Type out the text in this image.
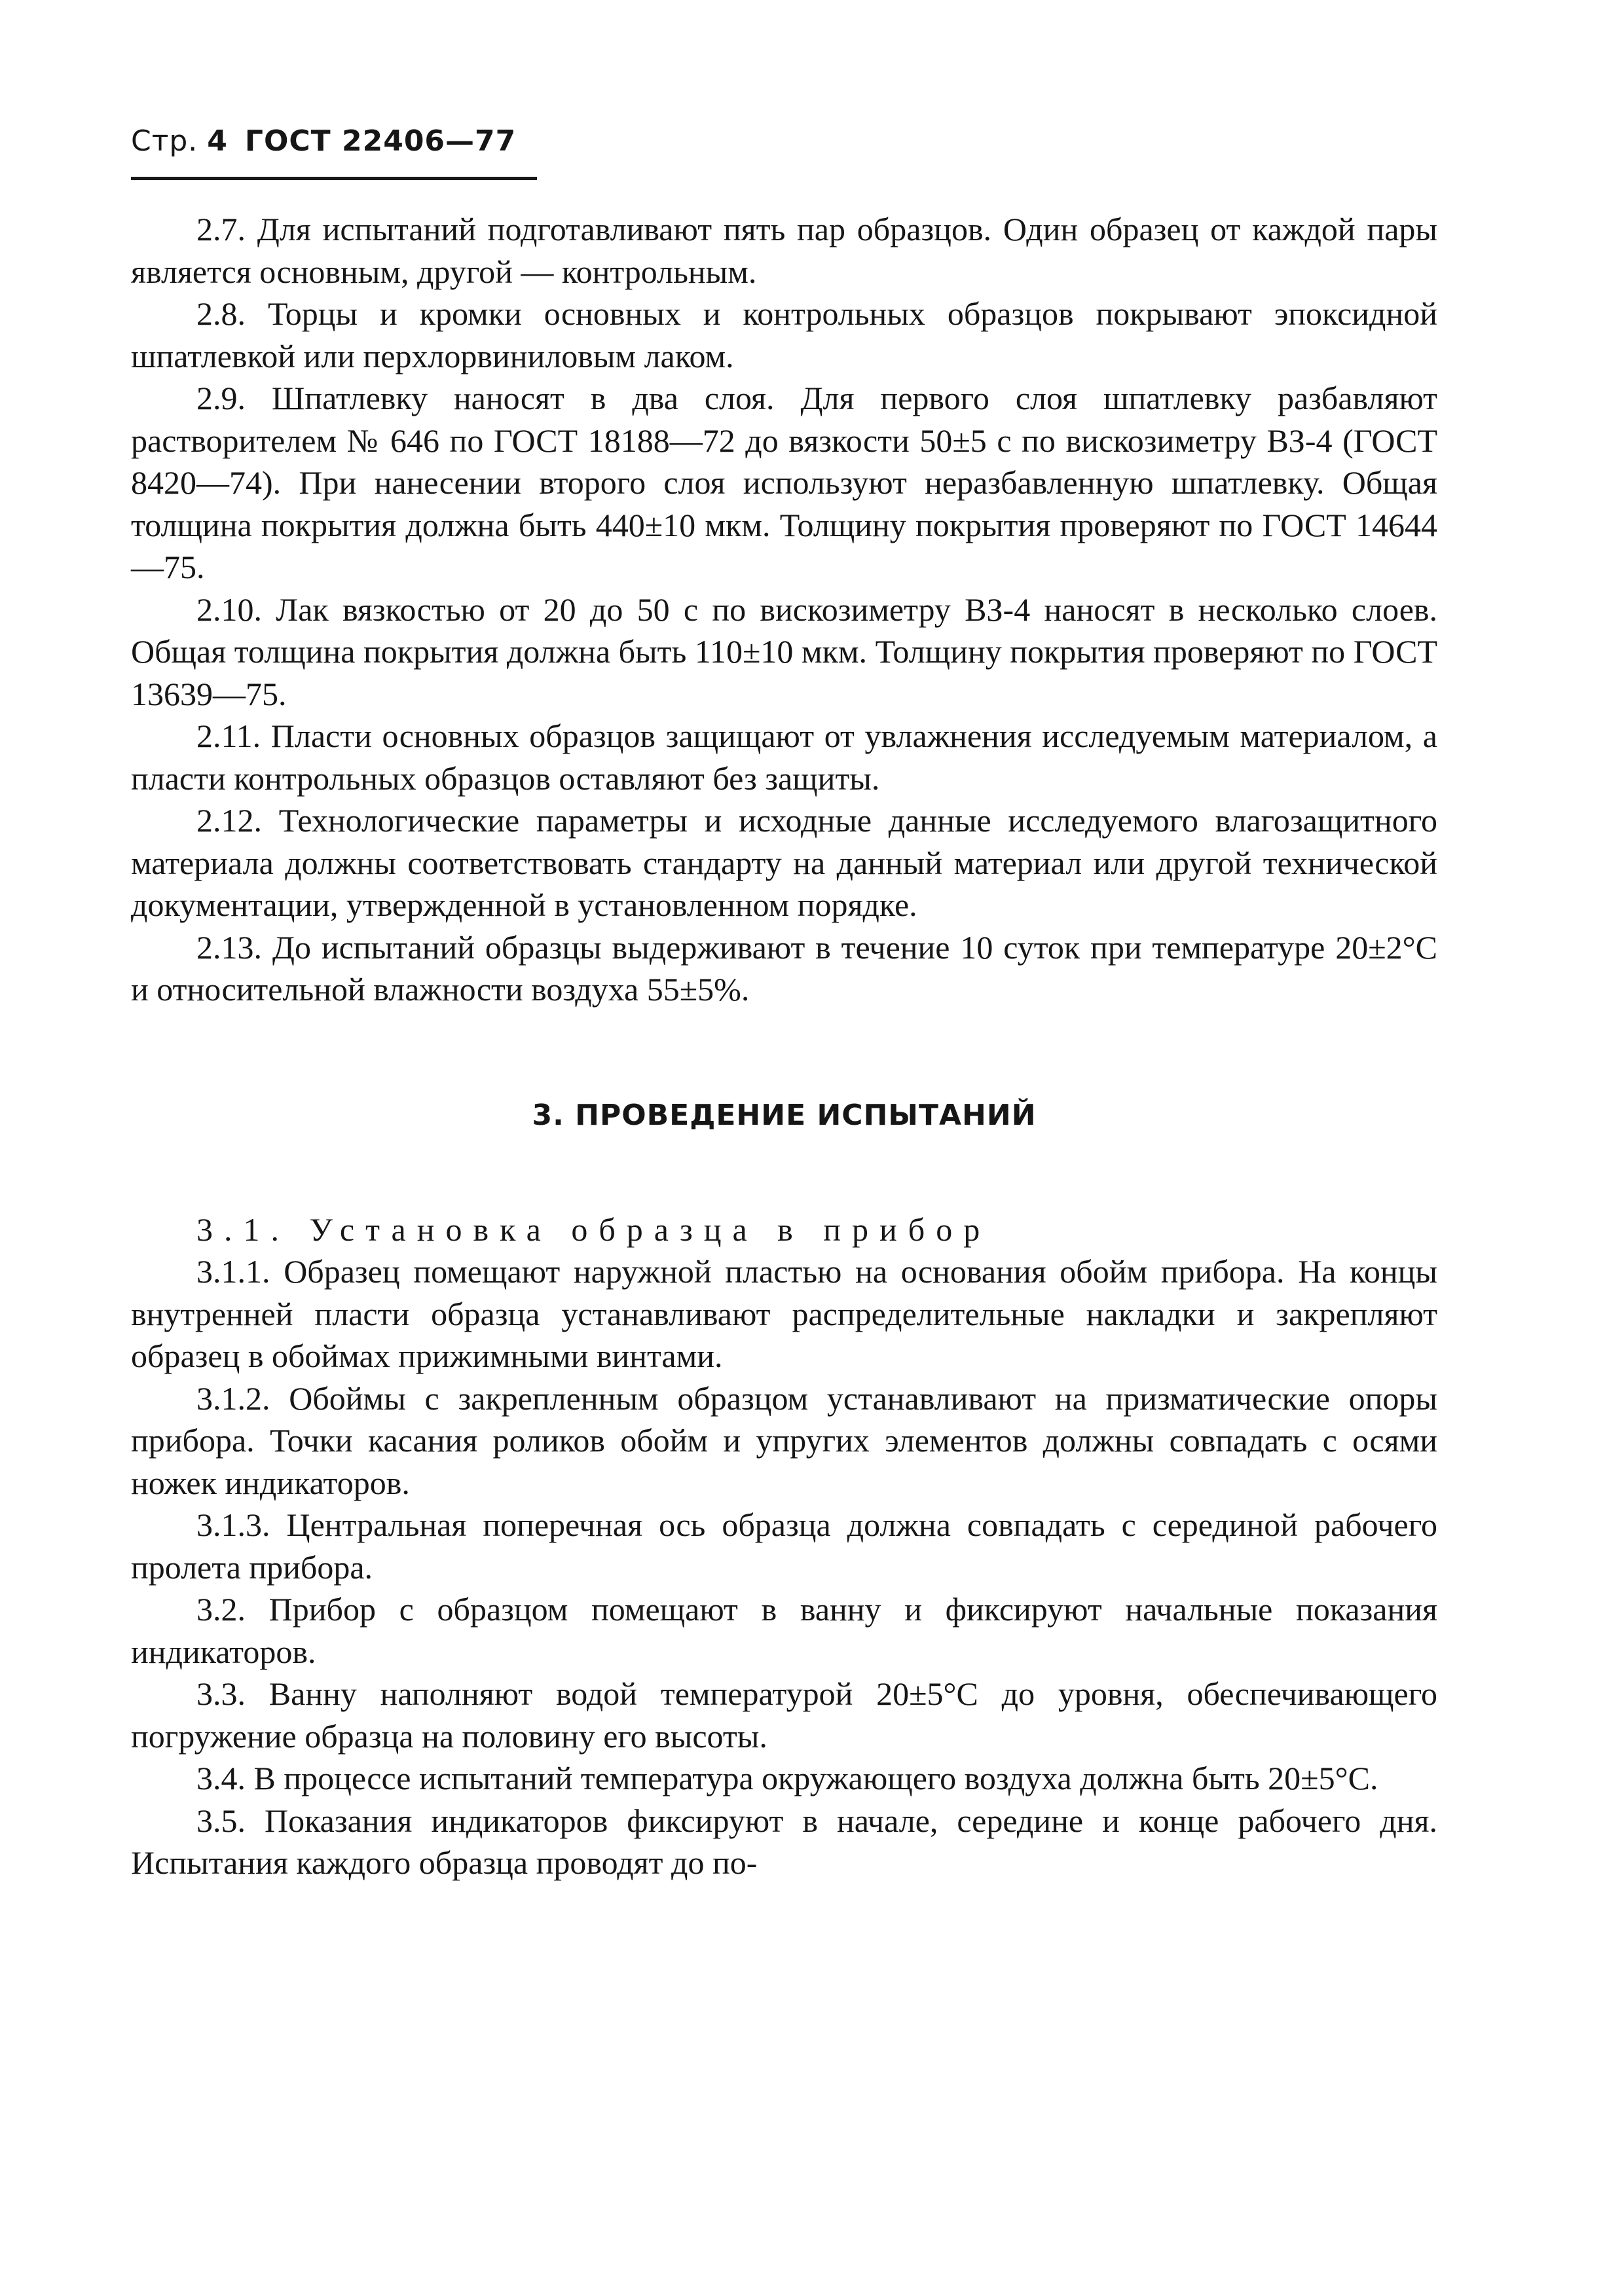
Стр. 4 ГОСТ 22406—77

2.7. Для испытаний подготавливают пять пар образцов. Один образец от каждой пары является основным, другой — контрольным.

2.8. Торцы и кромки основных и контрольных образцов покрывают эпоксидной шпатлевкой или перхлорвиниловым лаком.

2.9. Шпатлевку наносят в два слоя. Для первого слоя шпатлевку разбавляют растворителем № 646 по ГОСТ 18188—72 до вязкости 50±5 с по вискозиметру ВЗ-4 (ГОСТ 8420—74). При нанесении второго слоя используют неразбавленную шпатлевку. Общая толщина покрытия должна быть 440±10 мкм. Толщину покрытия проверяют по ГОСТ 14644—75.

2.10. Лак вязкостью от 20 до 50 с по вискозиметру ВЗ-4 наносят в несколько слоев. Общая толщина покрытия должна быть 110±10 мкм. Толщину покрытия проверяют по ГОСТ 13639—75.

2.11. Пласти основных образцов защищают от увлажнения исследуемым материалом, а пласти контрольных образцов оставляют без защиты.

2.12. Технологические параметры и исходные данные исследуемого влагозащитного материала должны соответствовать стандарту на данный материал или другой технической документации, утвержденной в установленном порядке.

2.13. До испытаний образцы выдерживают в течение 10 суток при температуре 20±2°С и относительной влажности воздуха 55±5%.

3. ПРОВЕДЕНИЕ ИСПЫТАНИЙ

3.1. Установка образца в прибор

3.1.1. Образец помещают наружной пластью на основания обойм прибора. На концы внутренней пласти образца устанавливают распределительные накладки и закрепляют образец в обоймах прижимными винтами.

3.1.2. Обоймы с закрепленным образцом устанавливают на призматические опоры прибора. Точки касания роликов обойм и упругих элементов должны совпадать с осями ножек индикаторов.

3.1.3. Центральная поперечная ось образца должна совпадать с серединой рабочего пролета прибора.

3.2. Прибор с образцом помещают в ванну и фиксируют начальные показания индикаторов.

3.3. Ванну наполняют водой температурой 20±5°С до уровня, обеспечивающего погружение образца на половину его высоты.

3.4. В процессе испытаний температура окружающего воздуха должна быть 20±5°С.

3.5. Показания индикаторов фиксируют в начале, середине и конце рабочего дня. Испытания каждого образца проводят до по-
